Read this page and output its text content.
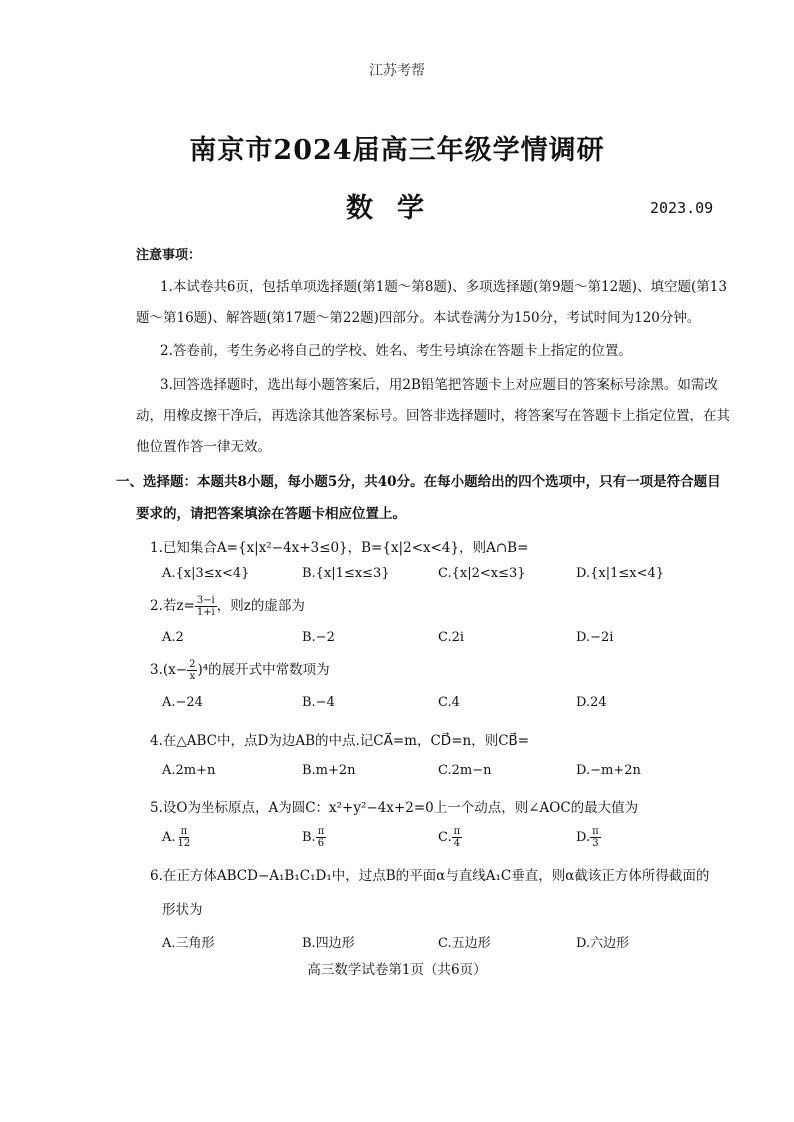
江苏考帮
南京市2024届高三年级学情调研
数学	2023.09
注意事项：
1.本试卷共6页，包括单项选择题(第1题～第8题)、多项选择题(第9题～第12题)、填空题(第13
题～第16题)、解答题(第17题～第22题)四部分。本试卷满分为150分，考试时间为120分钟。
2.答卷前，考生务必将自己的学校、姓名、考生号填涂在答题卡上指定的位置。
3.回答选择题时，选出每小题答案后，用2B铅笔把答题卡上对应题目的答案标号涂黑。如需改
动，用橡皮擦干净后，再选涂其他答案标号。回答非选择题时，将答案写在答题卡上指定位置，在其
他位置作答一律无效。
一、选择题：本题共8小题，每小题5分，共40分。在每小题给出的四个选项中，只有一项是符合题目
要求的，请把答案填涂在答题卡相应位置上。
1.已知集合A={x|x²−4x+3≤0}，B={x|2<x<4}，则A∩B=
A.{x|3≤x<4}	B.{x|1≤x≤3}	C.{x|2<x≤3}	D.{x|1≤x<4}
2.若$z= \frac{3-i}{1+i}$ ，则z的虚部为
A.2	B.−2	C.2i	D.−2i
$3.(x- \frac{2}{x} )^4$的展开式中常数项为
A.−24	B.−4	C.4	D.24
4.在△ABC中，点D为边AB的中点.记CA⃗=m，CD⃗=n，则CB⃗=
A.2m+n	B.m+2n	C.2m−n	D.−m+2n
5.设O为坐标原点，A为圆C：x²+y²−4x+2=0上一个动点，则∠AOC的最大值为
A. $\frac{\pi}{12}$	B. $\frac{\pi}{6}$	C. $\frac{\pi}{4}$	D. $\frac{\pi}{3}$
6.在正方体ABCD−A₁B₁C₁D₁中，过点B的平面α与直线A₁C垂直，则α截该正方体所得截面的
形状为
A.三角形	B.四边形	C.五边形	D.六边形
高三数学试卷第1页（共6页）
